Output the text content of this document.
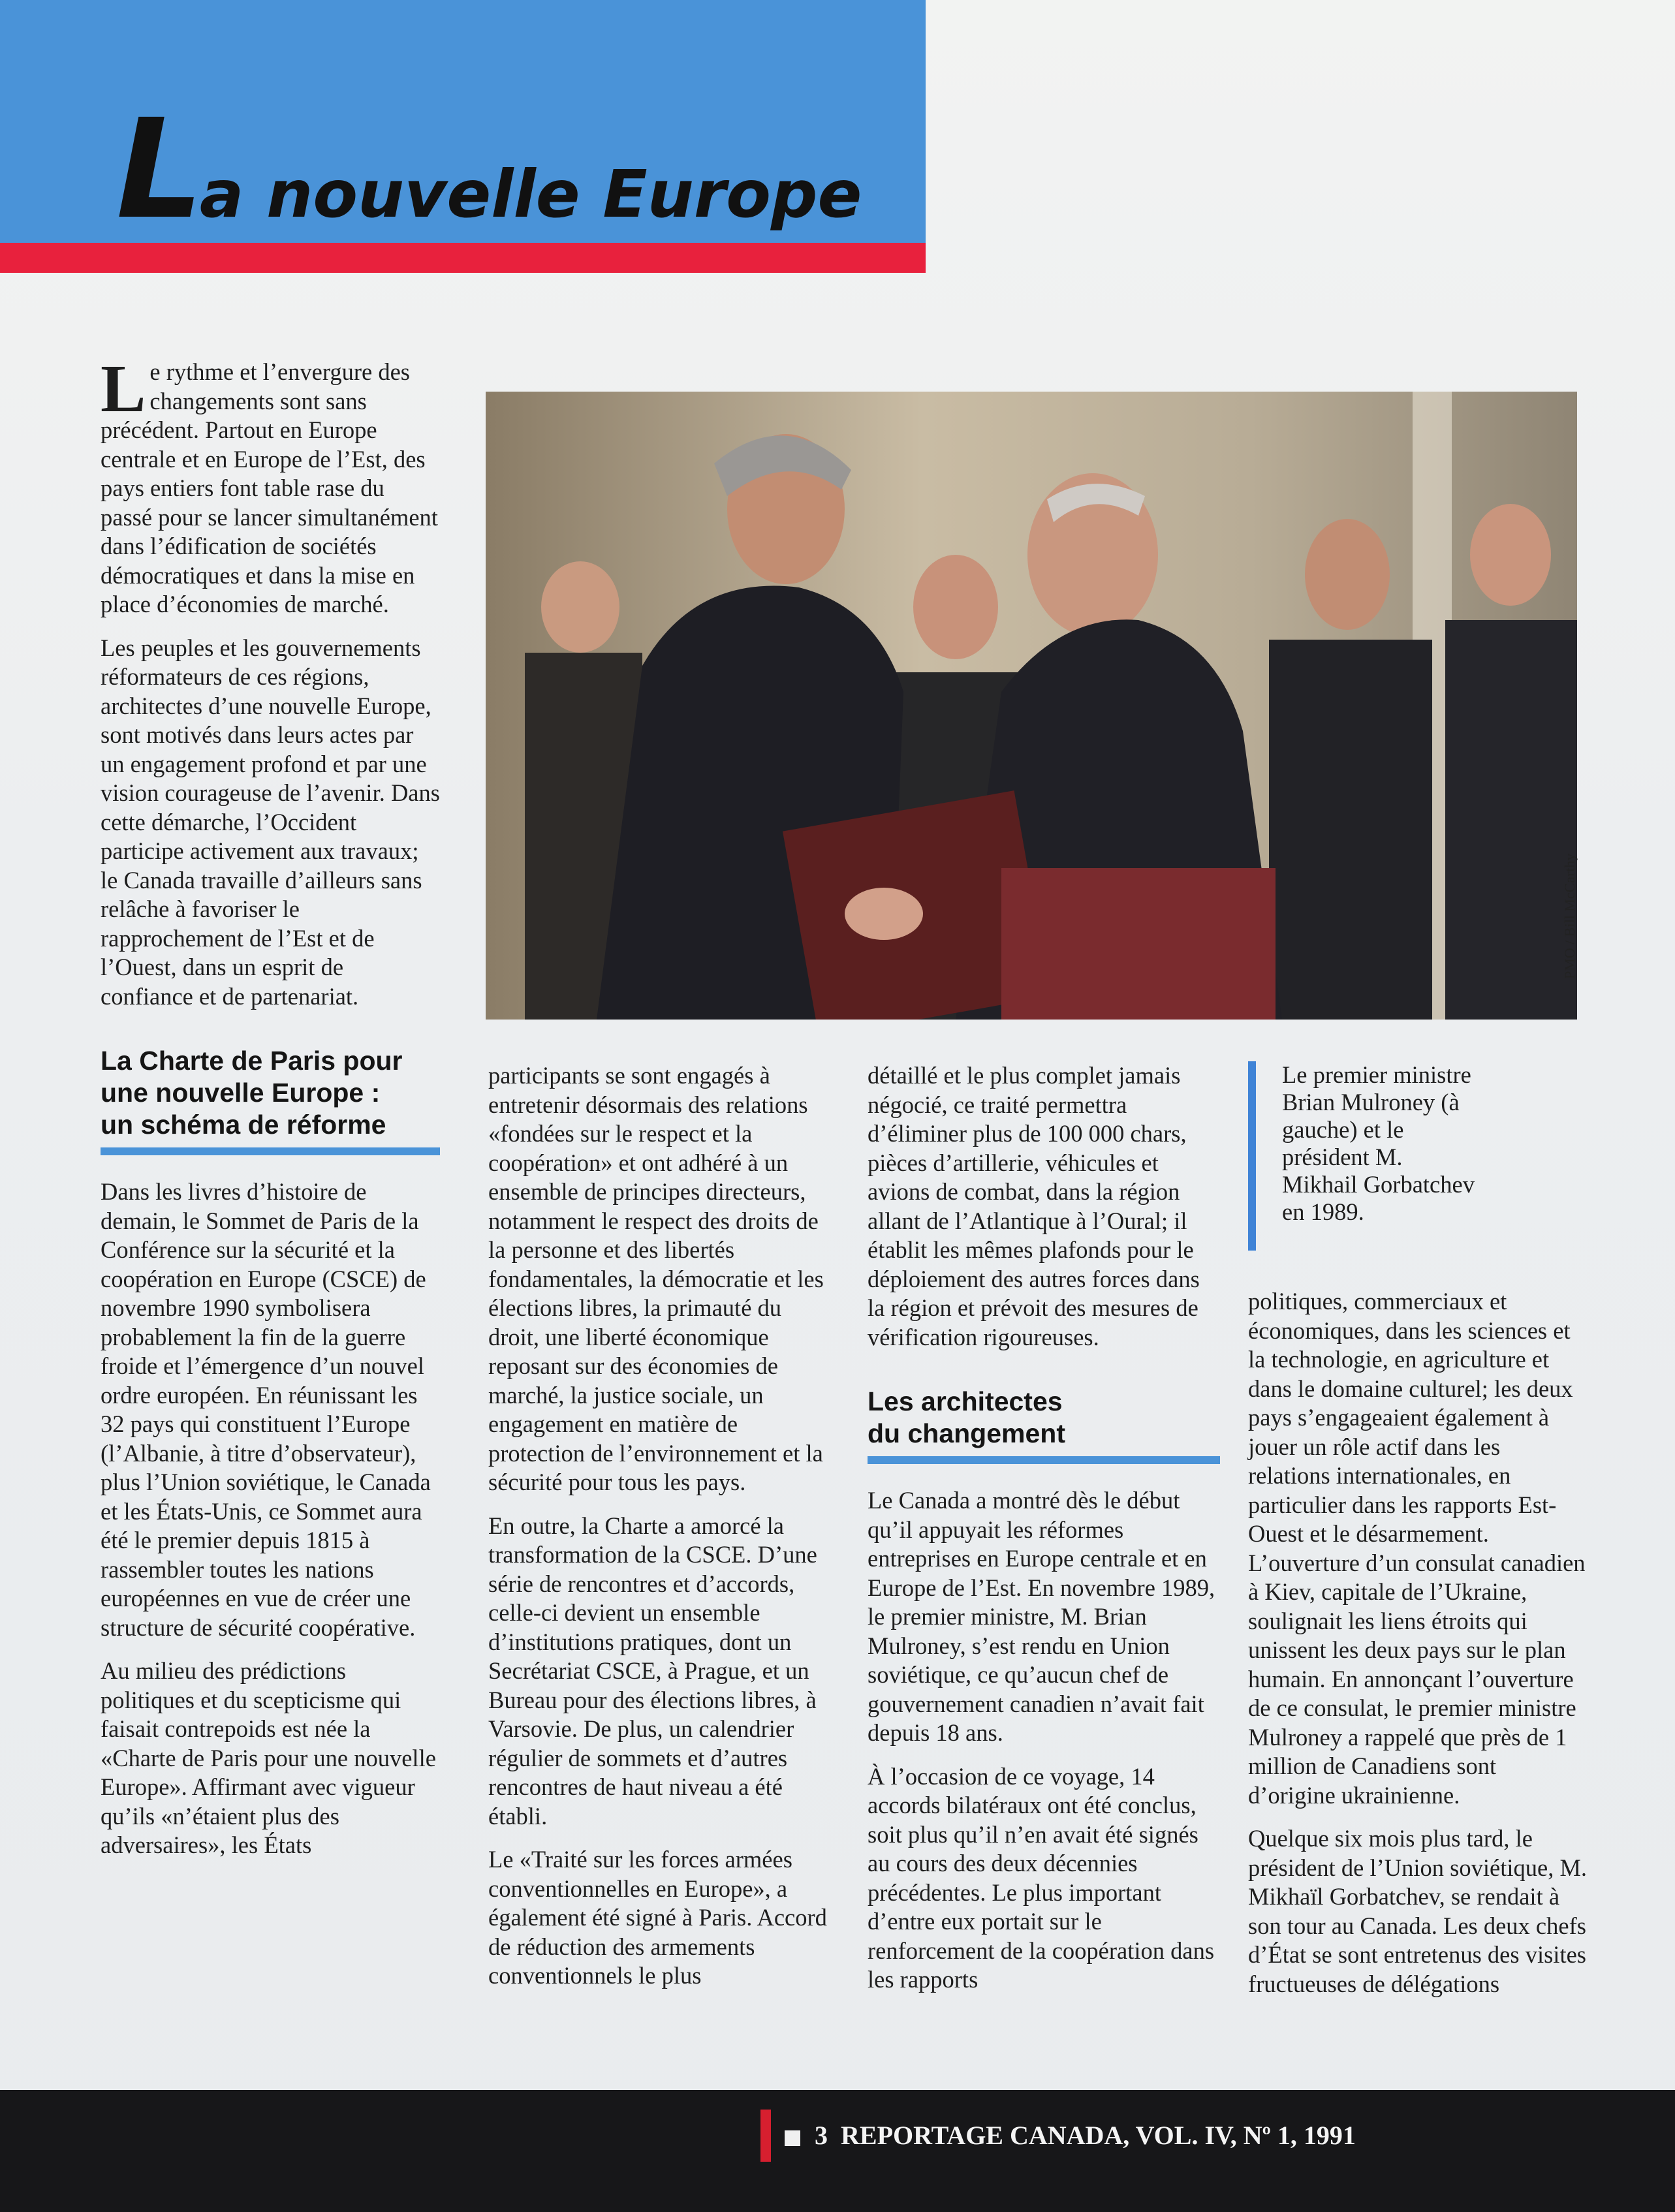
La nouvelle Europe
PMO / Bill McCarthy

Le rythme et l’envergure des changements sont sans précédent. Partout en Europe centrale et en Europe de l’Est, des pays entiers font table rase du passé pour se lancer simultanément dans l’édification de sociétés démocratiques et dans la mise en place d’économies de marché.

Les peuples et les gouvernements réformateurs de ces régions, architectes d’une nouvelle Europe, sont motivés dans leurs actes par un engagement profond et par une vision courageuse de l’avenir. Dans cette démarche, l’Occident participe activement aux travaux; le Canada travaille d’ailleurs sans relâche à favoriser le rapprochement de l’Est et de l’Ouest, dans un esprit de confiance et de partenariat.

La Charte de Paris pour
une nouvelle Europe :
un schéma de réforme

Dans les livres d’histoire de demain, le Sommet de Paris de la Conférence sur la sécurité et la coopération en Europe (CSCE) de novembre 1990 symbolisera probablement la fin de la guerre froide et l’émergence d’un nouvel ordre européen. En réunissant les 32 pays qui constituent l’Europe (l’Albanie, à titre d’observateur), plus l’Union soviétique, le Canada et les États-Unis, ce Sommet aura été le premier depuis 1815 à rassembler toutes les nations européennes en vue de créer une structure de sécurité coopérative.

Au milieu des prédictions politiques et du scepticisme qui faisait contrepoids est née la «Charte de Paris pour une nouvelle Europe». Affirmant avec vigueur qu’ils «n’étaient plus des adversaires», les États

participants se sont engagés à entretenir désormais des relations «fondées sur le respect et la coopération» et ont adhéré à un ensemble de principes directeurs, notamment le respect des droits de la personne et des libertés fondamentales, la démocratie et les élections libres, la primauté du droit, une liberté économique reposant sur des économies de marché, la justice sociale, un engagement en matière de protection de l’environnement et la sécurité pour tous les pays.

En outre, la Charte a amorcé la transformation de la CSCE. D’une série de rencontres et d’accords, celle-ci devient un ensemble d’institutions pratiques, dont un Secrétariat CSCE, à Prague, et un Bureau pour des élections libres, à Varsovie. De plus, un calendrier régulier de sommets et d’autres rencontres de haut niveau a été établi.

Le «Traité sur les forces armées conventionnelles en Europe», a également été signé à Paris. Accord de réduction des armements conventionnels le plus

détaillé et le plus complet jamais négocié, ce traité permettra d’éliminer plus de 100 000 chars, pièces d’artillerie, véhicules et avions de combat, dans la région allant de l’Atlantique à l’Oural; il établit les mêmes plafonds pour le déploiement des autres forces dans la région et prévoit des mesures de vérification rigoureuses.

Les architectes
du changement

Le Canada a montré dès le début qu’il appuyait les réformes entreprises en Europe centrale et en Europe de l’Est. En novembre 1989, le premier ministre, M. Brian Mulroney, s’est rendu en Union soviétique, ce qu’aucun chef de gouvernement canadien n’avait fait depuis 18 ans.

À l’occasion de ce voyage, 14 accords bilatéraux ont été conclus, soit plus qu’il n’en avait été signés au cours des deux décennies précédentes. Le plus important d’entre eux portait sur le renforcement de la coopération dans les rapports

Le premier ministre Brian Mulroney (à gauche) et le président M. Mikhail Gorbatchev en 1989.

politiques, commerciaux et économiques, dans les sciences et la technologie, en agriculture et dans le domaine culturel; les deux pays s’engageaient également à jouer un rôle actif dans les relations internationales, en particulier dans les rapports Est-Ouest et le désarmement. L’ouverture d’un consulat canadien à Kiev, capitale de l’Ukraine, soulignait les liens étroits qui unissent les deux pays sur le plan humain. En annonçant l’ouverture de ce consulat, le premier ministre Mulroney a rappelé que près de 1 million de Canadiens sont d’origine ukrainienne.

Quelque six mois plus tard, le président de l’Union soviétique, M. Mikhaïl Gorbatchev, se rendait à son tour au Canada. Les deux chefs d’État se sont entretenus des visites fructueuses de délégations

3 REPORTAGE CANADA, VOL. IV, Nº 1, 1991
